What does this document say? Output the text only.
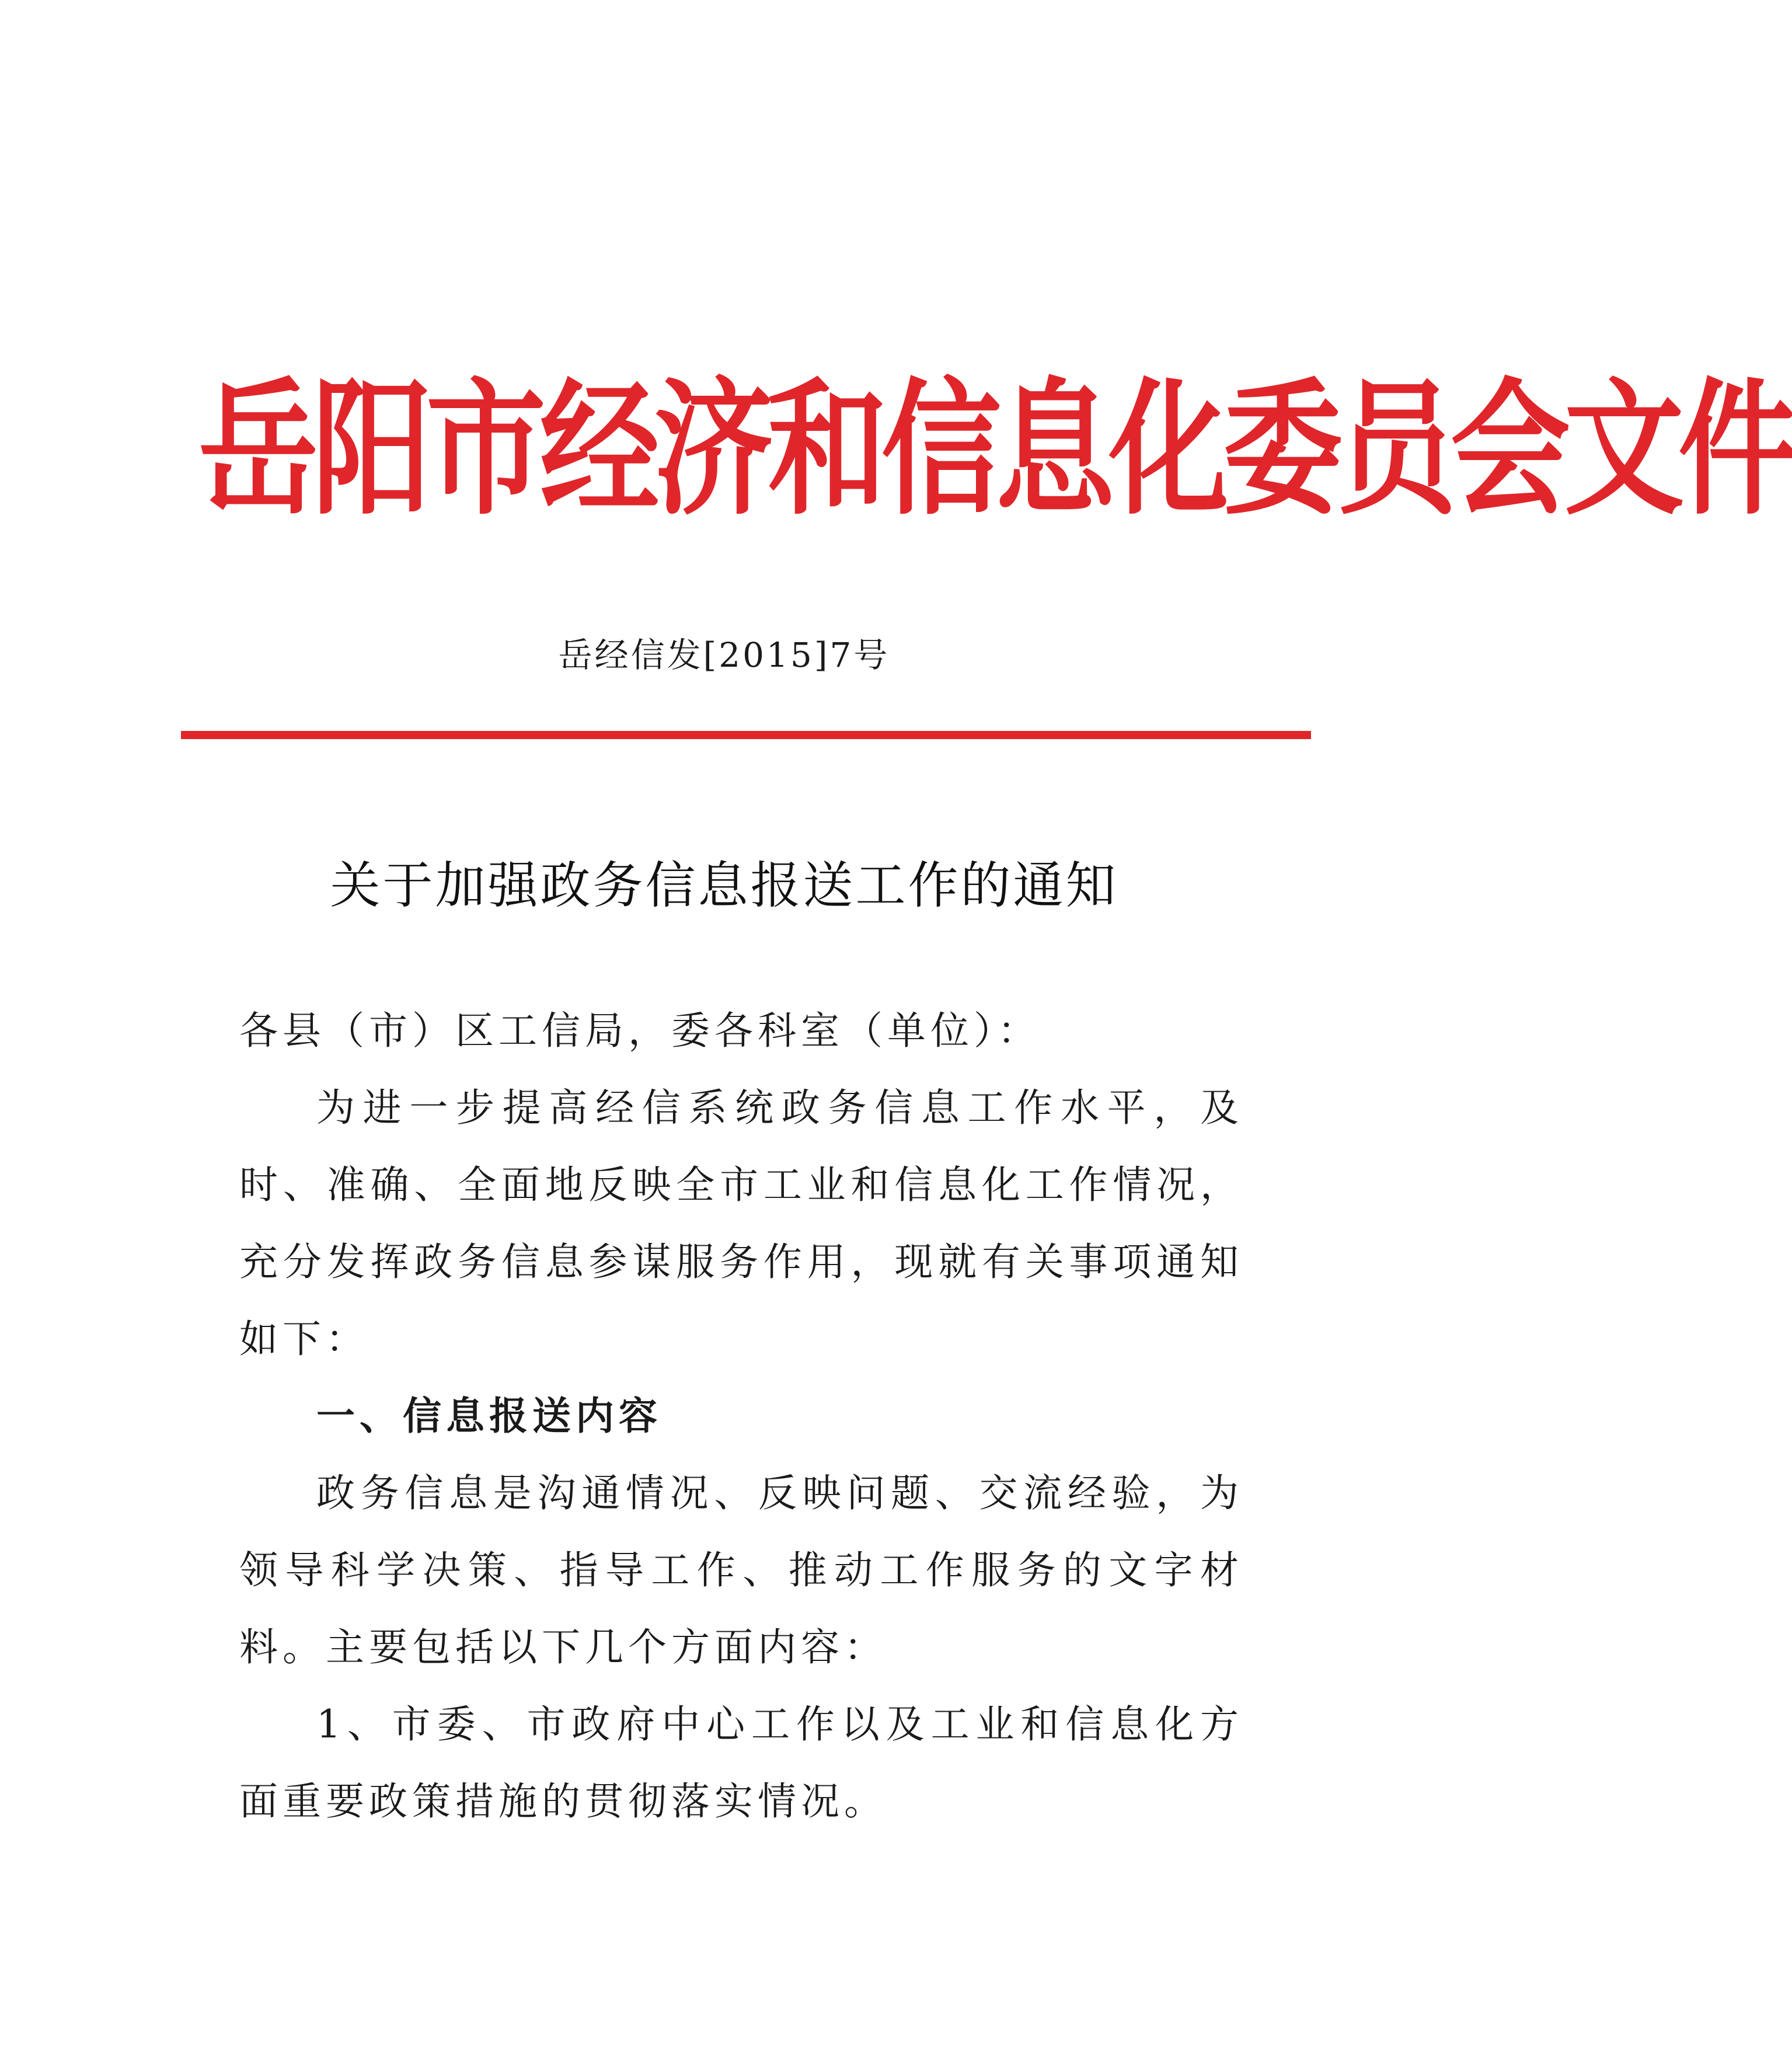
岳阳市经济和信息化委员会文件
岳经信发[2015]7号
关于加强政务信息报送工作的通知

各县（市）区工信局，委各科室（单位）：

为进一步提高经信系统政务信息工作水平，及时、准确、全面地反映全市工业和信息化工作情况，充分发挥政务信息参谋服务作用，现就有关事项通知如下：

一、信息报送内容

政务信息是沟通情况、反映问题、交流经验，为领导科学决策、指导工作、推动工作服务的文字材料。主要包括以下几个方面内容：

1、市委、市政府中心工作以及工业和信息化方面重要政策措施的贯彻落实情况。
